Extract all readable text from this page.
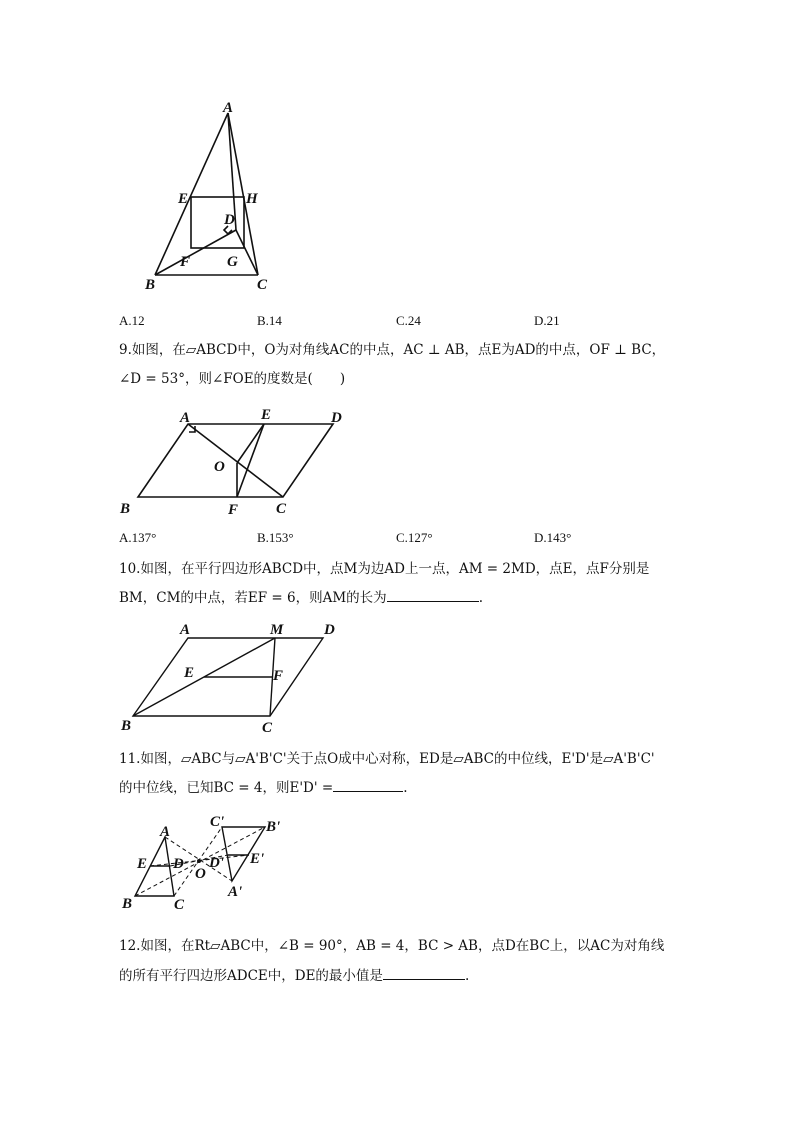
A
E	H
D
F G
B	C
A.12	B.14	C.24	D.21
9.如图，在▱ABCD中，O为对角线AC的中点，AC ⊥ AB，点E为AD的中点，OF ⊥ BC，
∠D = 53°，则∠FOE的度数是(　　)
A	E	D
O
B	F	C
A.137°	B.153°	C.127°	D.143°
10.如图，在平行四边形ABCD中，点M为边AD上一点，AM = 2MD，点E，点F分别是
BM，CM的中点，若EF = 6，则AM的长为	.
A	M	D
E	F
B	C
11.如图，▱ABC与▱A'B'C'关于点O成中心对称，ED是▱ABC的中位线，E'D'是▱A'B'C'
的中位线，已知BC = 4，则E'D' =	.
A
E D
B	C
O
C'	B'
D' E'
A'
12.如图，在Rt▱ABC中，∠B = 90°，AB = 4，BC > AB，点D在BC上，以AC为对角线
的所有平行四边形ADCE中，DE的最小值是	.
